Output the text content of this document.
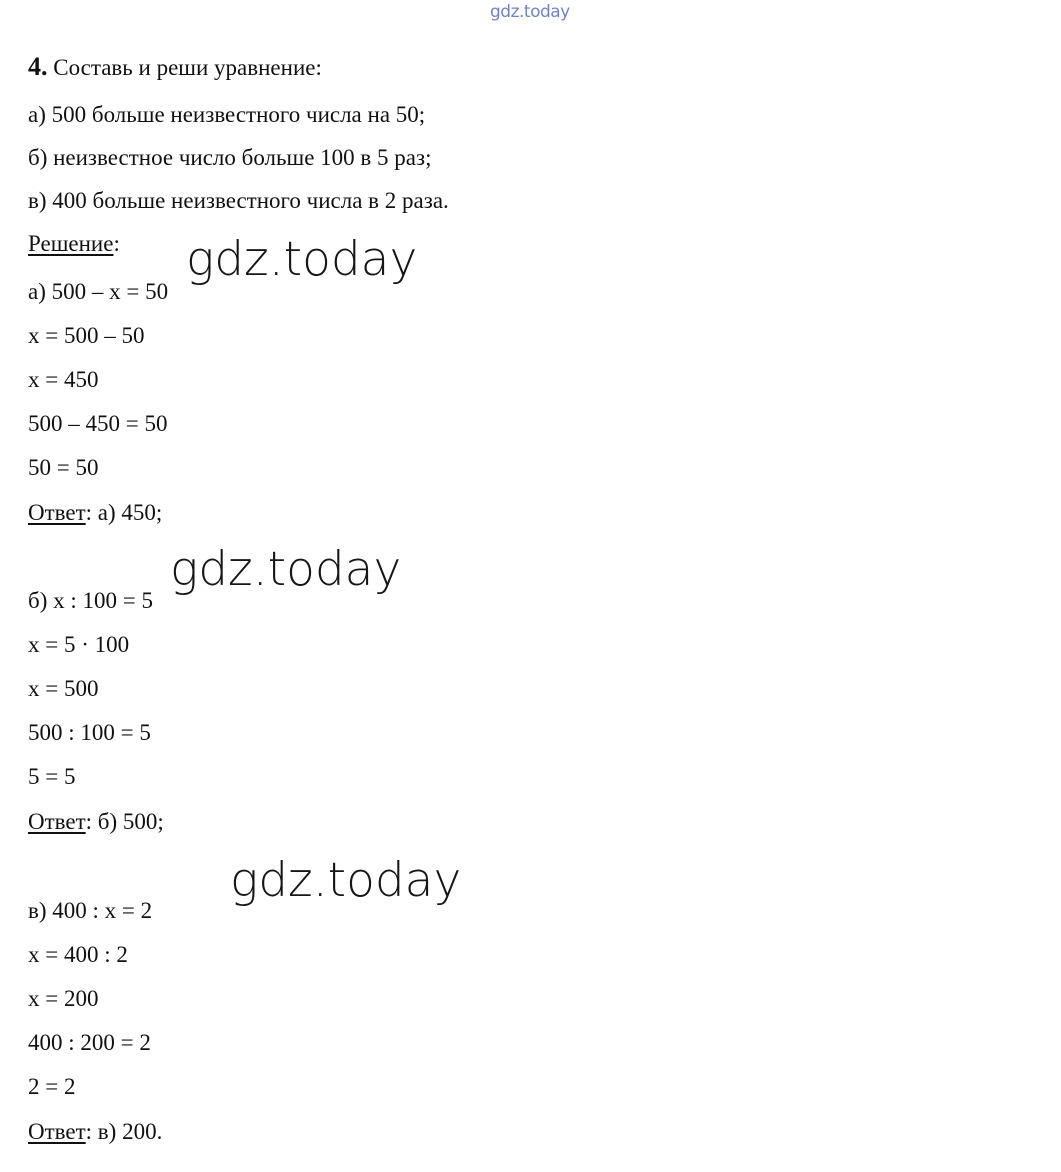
gdz.today
gdz.today
gdz.today
gdz.today
4. Составь и реши уравнение:
а) 500 больше неизвестного числа на 50;
б) неизвестное число больше 100 в 5 раз;
в) 400 больше неизвестного числа в 2 раза.
Решение:
а) 500 – x = 50
x = 500 – 50
x = 450
500 – 450 = 50
50 = 50
Ответ: а) 450;
б) x : 100 = 5
x = 5 · 100
x = 500
500 : 100 = 5
5 = 5
Ответ: б) 500;
в) 400 : x = 2
x = 400 : 2
x = 200
400 : 200 = 2
2 = 2
Ответ: в) 200.
